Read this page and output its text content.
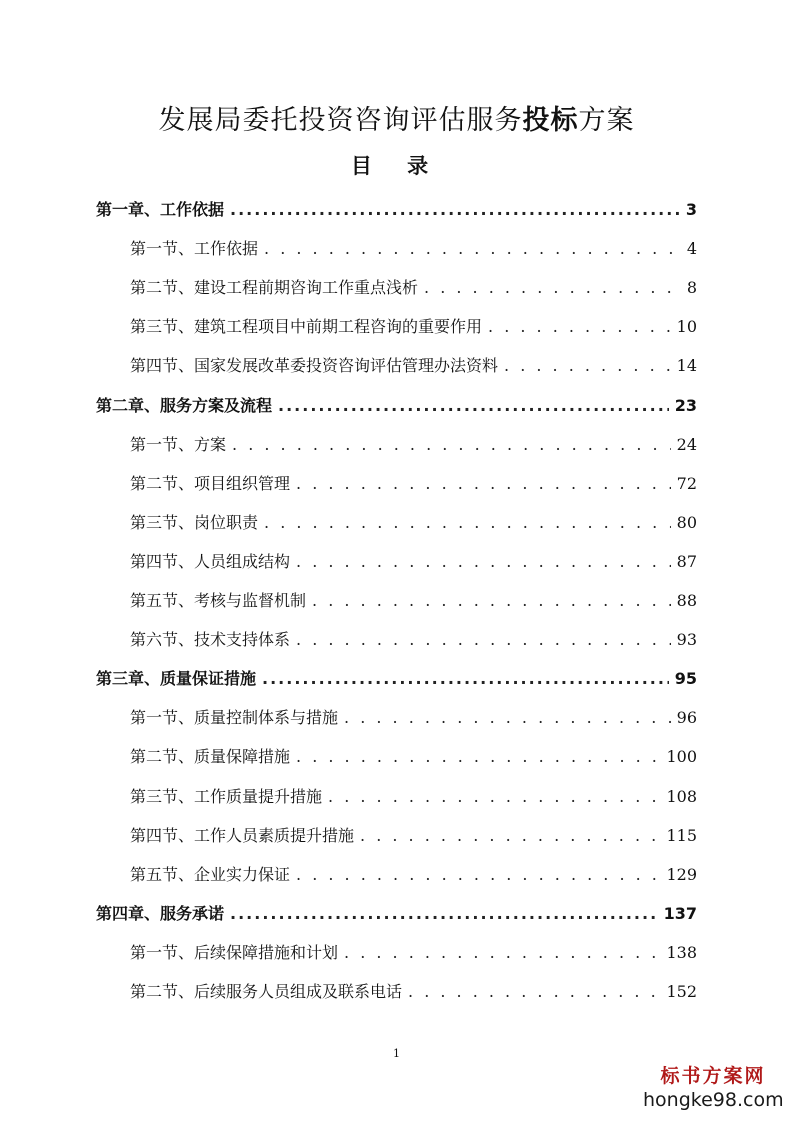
发展局委托投资咨询评估服务投标方案
目 录
第一章、工作依据 .....	3
第一节、工作依据 . . .	4
第二节、建设工程前期咨询工作重点浅析 . . .	8
第三节、建筑工程项目中前期工程咨询的重要作用 . . .	10
第四节、国家发展改革委投资咨询评估管理办法资料 . . .	14
第二章、服务方案及流程 .....	23
第一节、方案 . . .	24
第二节、项目组织管理 . . .	72
第三节、岗位职责 . . .	80
第四节、人员组成结构 . . .	87
第五节、考核与监督机制 . . .	88
第六节、技术支持体系 . . .	93
第三章、质量保证措施 .....	95
第一节、质量控制体系与措施 . . .	96
第二节、质量保障措施 . . .	100
第三节、工作质量提升措施 . . .	108
第四节、工作人员素质提升措施 . . .	115
第五节、企业实力保证 . . .	129
第四章、服务承诺 .....	137
第一节、后续保障措施和计划 . . .	138
第二节、后续服务人员组成及联系电话 . . .	152
1
标书方案网
hongke98.com
